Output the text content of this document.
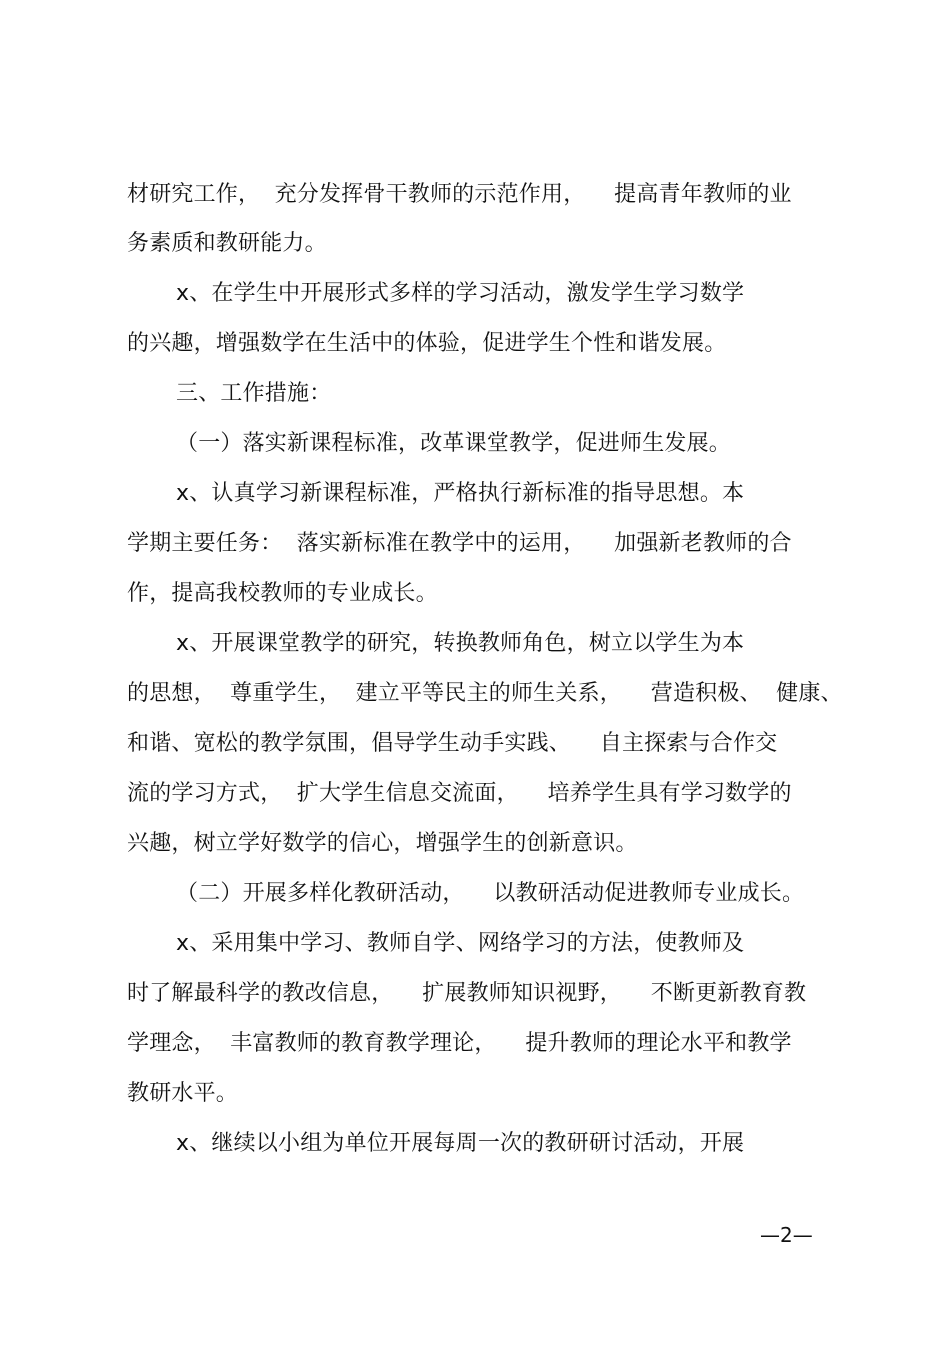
材研究工作，  充分发挥骨干教师的示范作用，    提高青年教师的业
务素质和教研能力。
x、在学生中开展形式多样的学习活动，激发学生学习数学
的兴趣，增强数学在生活中的体验，促进学生个性和谐发展。
三、工作措施：
（一）落实新课程标准，改革课堂教学，促进师生发展。
x、认真学习新课程标准，严格执行新标准的指导思想。本
学期主要任务：  落实新标准在教学中的运用，    加强新老教师的合
作，提高我校教师的专业成长。
x、开展课堂教学的研究，转换教师角色，树立以学生为本
的思想，  尊重学生，  建立平等民主的师生关系，    营造积极、  健康、
和谐、宽松的教学氛围，倡导学生动手实践、    自主探索与合作交
流的学习方式，  扩大学生信息交流面，    培养学生具有学习数学的
兴趣，树立学好数学的信心，增强学生的创新意识。
（二）开展多样化教研活动，    以教研活动促进教师专业成长。
x、采用集中学习、教师自学、网络学习的方法，使教师及
时了解最科学的教改信息，    扩展教师知识视野，    不断更新教育教
学理念，  丰富教师的教育教学理论，    提升教师的理论水平和教学
教研水平。
x、继续以小组为单位开展每周一次的教研研讨活动，开展
—2—
